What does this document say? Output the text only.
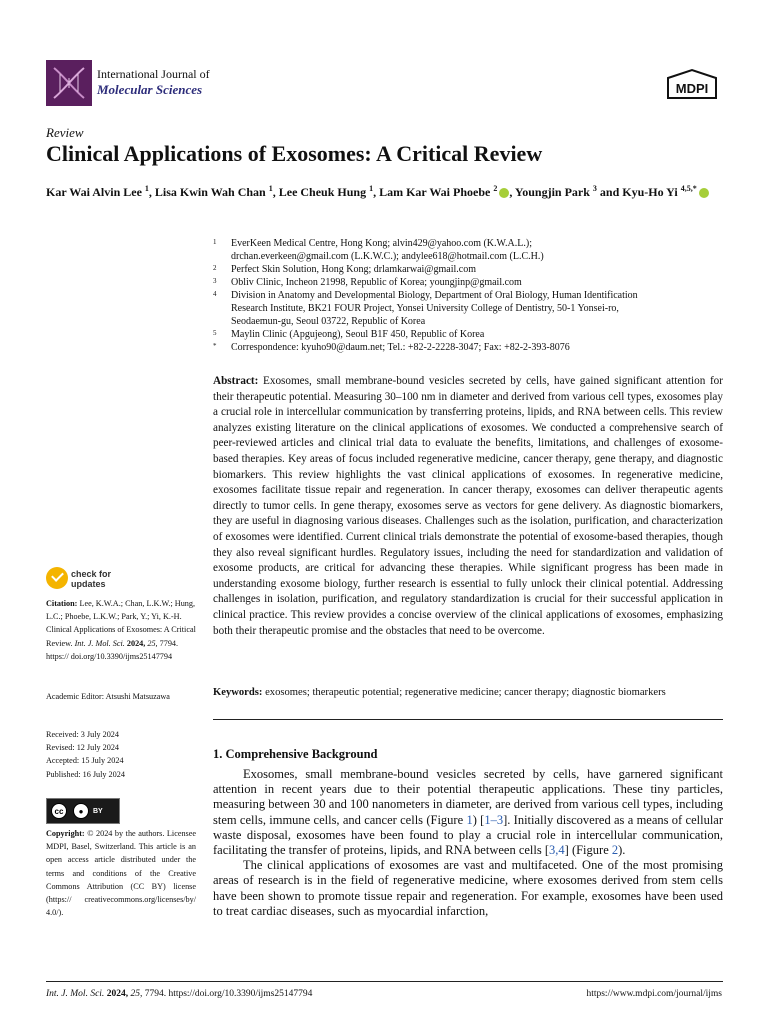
International Journal of
Molecular Sciences	MDPI
Review
Clinical Applications of Exosomes: A Critical Review
Kar Wai Alvin Lee $^1$, Lisa Kwin Wah Chan $^1$, Lee Cheuk Hung $^1$, Lam Kar Wai Phoebe $^2$ , Youngjin Park $^3$ and Kyu-Ho Yi $^{4,5,*}$
1	EverKeen Medical Centre, Hong Kong; alvin429@yahoo.com (K.W.A.L.);
drchan.everkeen@gmail.com (L.K.W.C.); andylee618@hotmail.com (L.C.H.)
2	Perfect Skin Solution, Hong Kong; drlamkarwai@gmail.com
3	Obliv Clinic, Incheon 21998, Republic of Korea; youngjinp@gmail.com
4	Division in Anatomy and Developmental Biology, Department of Oral Biology, Human Identification
Research Institute, BK21 FOUR Project, Yonsei University College of Dentistry, 50-1 Yonsei-ro,
Seodaemun-gu, Seoul 03722, Republic of Korea
5	Maylin Clinic (Apgujeong), Seoul B1F 450, Republic of Korea
*	Correspondence: kyuho90@daum.net; Tel.: +82-2-2228-3047; Fax: +82-2-393-8076
Abstract: Exosomes, small membrane-bound vesicles secreted by cells, have gained significant attention for their therapeutic potential. Measuring 30–100 nm in diameter and derived from various cell types, exosomes play a crucial role in intercellular communication by transferring proteins, lipids, and RNA between cells. This review analyzes existing literature on the clinical applications of exosomes. We conducted a comprehensive search of peer-reviewed articles and clinical trial data to evaluate the benefits, limitations, and challenges of exosome-based therapies. Key areas of focus included regenerative medicine, cancer therapy, gene therapy, and diagnostic biomarkers. This review highlights the vast clinical applications of exosomes. In regenerative medicine, exosomes facilitate tissue repair and regeneration. In cancer therapy, exosomes can deliver therapeutic agents directly to tumor cells. In gene therapy, exosomes serve as vectors for gene delivery. As diagnostic biomarkers, they are useful in diagnosing various diseases. Challenges such as the isolation, purification, and characterization of exosomes were identified. Current clinical trials demonstrate the potential of exosome-based therapies, though they also reveal significant hurdles. Regulatory issues, including the need for standardization and validation of exosome products, are critical for advancing these therapies. While significant progress has been made in understanding exosome biology, further research is essential to fully unlock their clinical potential. Addressing challenges in isolation, purification, and regulatory standardization is crucial for their successful application in clinical practice. This review provides a concise overview of the clinical applications of exosomes, emphasizing both their therapeutic promise and the obstacles that need to be overcome.
Keywords: exosomes; therapeutic potential; regenerative medicine; cancer therapy; diagnostic biomarkers
check for
updates
Citation: Lee, K.W.A.; Chan, L.K.W.; Hung, L.C.; Phoebe, L.K.W.; Park, Y.; Yi, K.-H. Clinical Applications of Exosomes: A Critical Review. Int. J. Mol. Sci. 2024, 25, 7794. https:// doi.org/10.3390/ijms25147794
Academic Editor: Atsushi Matsuzawa
Received: 3 July 2024
Revised: 12 July 2024
Accepted: 15 July 2024
Published: 16 July 2024
cc	●	BY
Copyright: © 2024 by the authors. Licensee MDPI, Basel, Switzerland. This article is an open access article distributed under the terms and conditions of the Creative Commons Attribution (CC BY) license (https:// creativecommons.org/licenses/by/ 4.0/).
1. Comprehensive Background

Exosomes, small membrane-bound vesicles secreted by cells, have garnered significant attention in recent years due to their potential therapeutic applications. These tiny particles, measuring between 30 and 100 nanometers in diameter, are derived from various cell types, including stem cells, immune cells, and cancer cells (Figure 1) [1–3]. Initially discovered as a means of cellular waste disposal, exosomes have been found to play a crucial role in intercellular communication, facilitating the transfer of proteins, lipids, and RNA between cells [3,4] (Figure 2).

The clinical applications of exosomes are vast and multifaceted. One of the most promising areas of research is in the field of regenerative medicine, where exosomes derived from stem cells have been shown to promote tissue repair and regeneration. For example, exosomes have been used to treat cardiac diseases, such as myocardial infarction,

Int. J. Mol. Sci. 2024, 25, 7794. https://doi.org/10.3390/ijms25147794	https://www.mdpi.com/journal/ijms
